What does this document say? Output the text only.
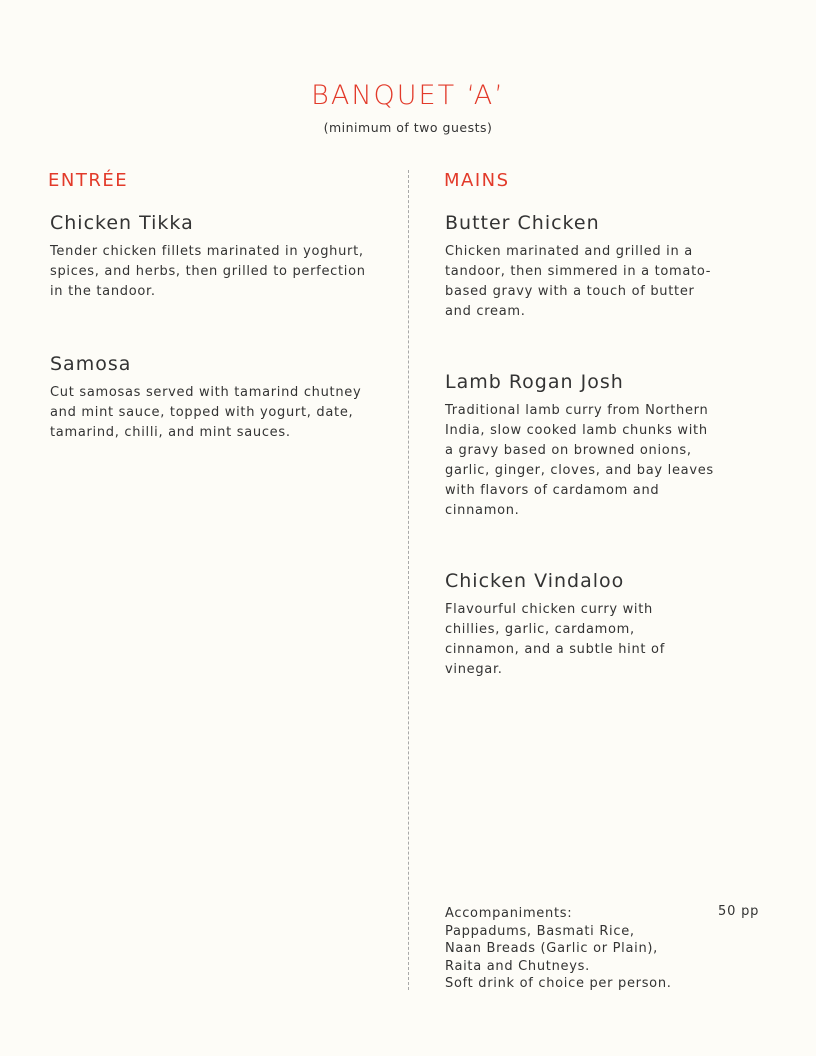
BANQUET ‘A’

(minimum of two guests)

ENTRÉE	MAINS
Chicken Tikka

Tender chicken fillets marinated in yoghurt, spices, and herbs, then grilled to perfection in the tandoor.

Samosa

Cut samosas served with tamarind chutney and mint sauce, topped with yogurt, date, tamarind, chilli, and mint sauces.

Butter Chicken

Chicken marinated and grilled in a tandoor, then simmered in a tomato-based gravy with a touch of butter and cream.

Lamb Rogan Josh

Traditional lamb curry from Northern India, slow cooked lamb chunks with a gravy based on browned onions, garlic, ginger, cloves, and bay leaves with flavors of cardamom and cinnamon.

Chicken Vindaloo

Flavourful chicken curry with chillies, garlic, cardamom, cinnamon, and a subtle hint of vinegar.

Accompaniments:
Pappadums, Basmati Rice,
Naan Breads (Garlic or Plain),
Raita and Chutneys.
Soft drink of choice per person.
50 pp
